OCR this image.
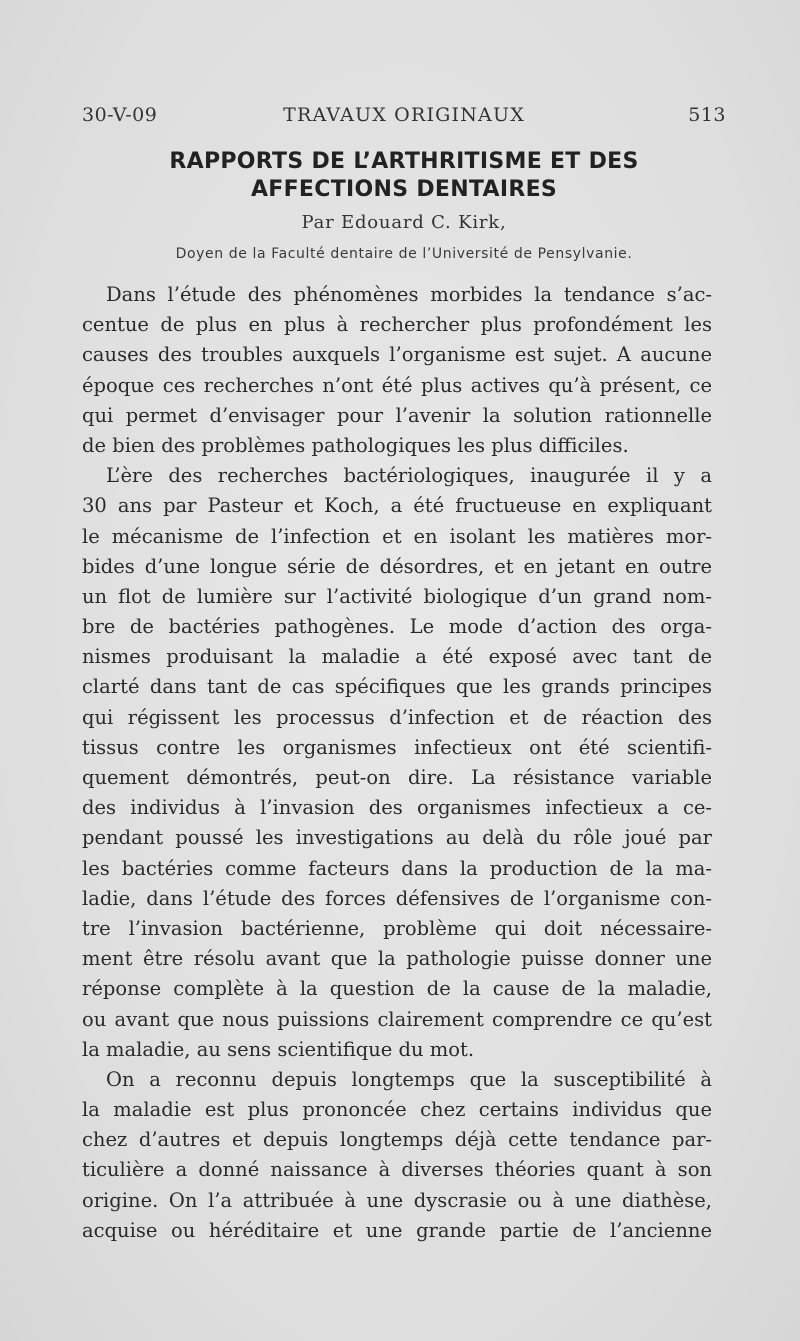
30-V-09	TRAVAUX ORIGINAUX	513
RAPPORTS DE L’ARTHRITISME ET DES
AFFECTIONS DENTAIRES
Par Edouard C. Kirk,
Doyen de la Faculté dentaire de l’Université de Pensylvanie.
Dans l’étude des phénomènes morbides la tendance s’ac-
centue de plus en plus à rechercher plus profondément les
causes des troubles auxquels l’organisme est sujet. A aucune
époque ces recherches n’ont été plus actives qu’à présent, ce
qui permet d’envisager pour l’avenir la solution rationnelle
de bien des problèmes pathologiques les plus difficiles.
L’ère des recherches bactériologiques, inaugurée il y a
30 ans par Pasteur et Koch, a été fructueuse en expliquant
le mécanisme de l’infection et en isolant les matières mor-
bides d’une longue série de désordres, et en jetant en outre
un flot de lumière sur l’activité biologique d’un grand nom-
bre de bactéries pathogènes. Le mode d’action des orga-
nismes produisant la maladie a été exposé avec tant de
clarté dans tant de cas spécifiques que les grands principes
qui régissent les processus d’infection et de réaction des
tissus contre les organismes infectieux ont été scientifi-
quement démontrés, peut-on dire. La résistance variable
des individus à l’invasion des organismes infectieux a ce-
pendant poussé les investigations au delà du rôle joué par
les bactéries comme facteurs dans la production de la ma-
ladie, dans l’étude des forces défensives de l’organisme con-
tre l’invasion bactérienne, problème qui doit nécessaire-
ment être résolu avant que la pathologie puisse donner une
réponse complète à la question de la cause de la maladie,
ou avant que nous puissions clairement comprendre ce qu’est
la maladie, au sens scientifique du mot.
On a reconnu depuis longtemps que la susceptibilité à
la maladie est plus prononcée chez certains individus que
chez d’autres et depuis longtemps déjà cette tendance par-
ticulière a donné naissance à diverses théories quant à son
origine. On l’a attribuée à une dyscrasie ou à une diathèse,
acquise ou héréditaire et une grande partie de l’ancienne
